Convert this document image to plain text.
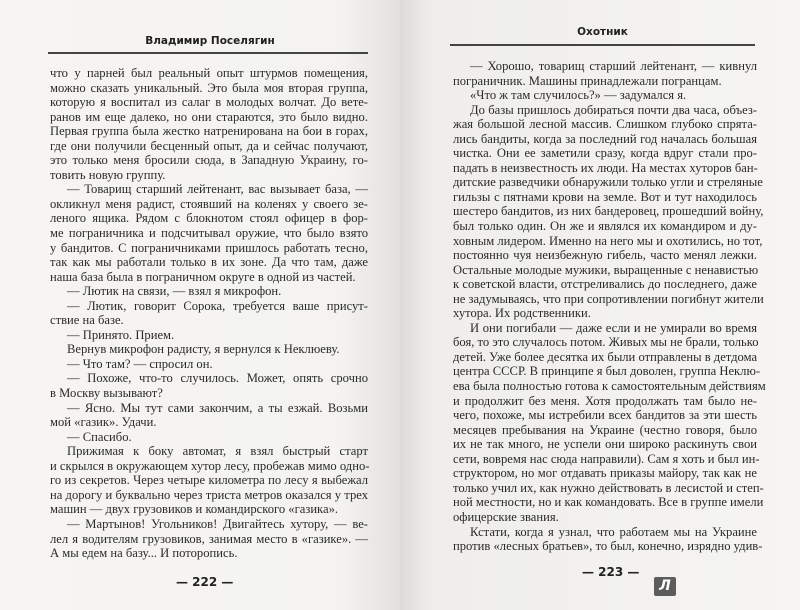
Владимир Поселягин
что у парней был реальный опыт штурмов помещения,
можно сказать уникальный. Это была моя вторая группа,
которую я воспитал из салаг в молодых волчат. До вете-
ранов им еще далеко, но они стараются, это было видно.
Первая группа была жестко натренирована на бои в горах,
где они получили бесценный опыт, да и сейчас получают,
это только меня бросили сюда, в Западную Украину, го-
товить новую группу.
— Товарищ старший лейтенант, вас вызывает база, —
окликнул меня радист, стоявший на коленях у своего зе-
леного ящика. Рядом с блокнотом стоял офицер в фор-
ме пограничника и подсчитывал оружие, что было взято
у бандитов. С пограничниками пришлось работать тесно,
так как мы работали только в их зоне. Да что там, даже
наша база была в пограничном округе в одной из частей.
— Лютик на связи, — взял я микрофон.
— Лютик, говорит Сорока, требуется ваше присут-
ствие на базе.
— Принято. Прием.
Вернув микрофон радисту, я вернулся к Неклюеву.
— Что там? — спросил он.
— Похоже, что-то случилось. Может, опять срочно
в Москву вызывают?
— Ясно. Мы тут сами закончим, а ты езжай. Возьми
мой «газик». Удачи.
— Спасибо.
Прижимая к боку автомат, я взял быстрый старт
и скрылся в окружающем хутор лесу, пробежав мимо одно-
го из секретов. Через четыре километра по лесу я выбежал
на дорогу и буквально через триста метров оказался у трех
машин — двух грузовиков и командирского «газика».
— Мартынов! Угольников! Двигайтесь хутору, — ве-
лел я водителям грузовиков, занимая место в «газике». —
А мы едем на базу... И поторопись.
— 222 —
Охотник
— Хорошо, товарищ старший лейтенант, — кивнул
пограничник. Машины принадлежали погранцам.
«Что ж там случилось?» — задумался я.
До базы пришлось добираться почти два часа, объез-
жая большой лесной массив. Слишком глубоко спрята-
лись бандиты, когда за последний год началась большая
чистка. Они ее заметили сразу, когда вдруг стали про-
падать в неизвестность их люди. На местах хуторов бан-
дитские разведчики обнаружили только угли и стреляные
гильзы с пятнами крови на земле. Вот и тут находилось
шестеро бандитов, из них бандеровец, прошедший войну,
был только один. Он же и являлся их командиром и ду-
ховным лидером. Именно на него мы и охотились, но тот,
постоянно чуя неизбежную гибель, часто менял лежки.
Остальные молодые мужики, выращенные с ненавистью
к советской власти, отстреливались до последнего, даже
не задумываясь, что при сопротивлении погибнут жители
хутора. Их родственники.
И они погибали — даже если и не умирали во время
боя, то это случалось потом. Живых мы не брали, только
детей. Уже более десятка их были отправлены в детдома
центра СССР. В принципе я был доволен, группа Неклю-
ева была полностью готова к самостоятельным действиям
и продолжит без меня. Хотя продолжать там было не-
чего, похоже, мы истребили всех бандитов за эти шесть
месяцев пребывания на Украине (честно говоря, было
их не так много, не успели они широко раскинуть свои
сети, вовремя нас сюда направили). Сам я хоть и был ин-
структором, но мог отдавать приказы майору, так как не
только учил их, как нужно действовать в лесистой и степ-
ной местности, но и как командовать. Все в группе имели
офицерские звания.
Кстати, когда я узнал, что работаем мы на Украине
против «лесных братьев», то был, конечно, изрядно удив-
— 223 —
Л
